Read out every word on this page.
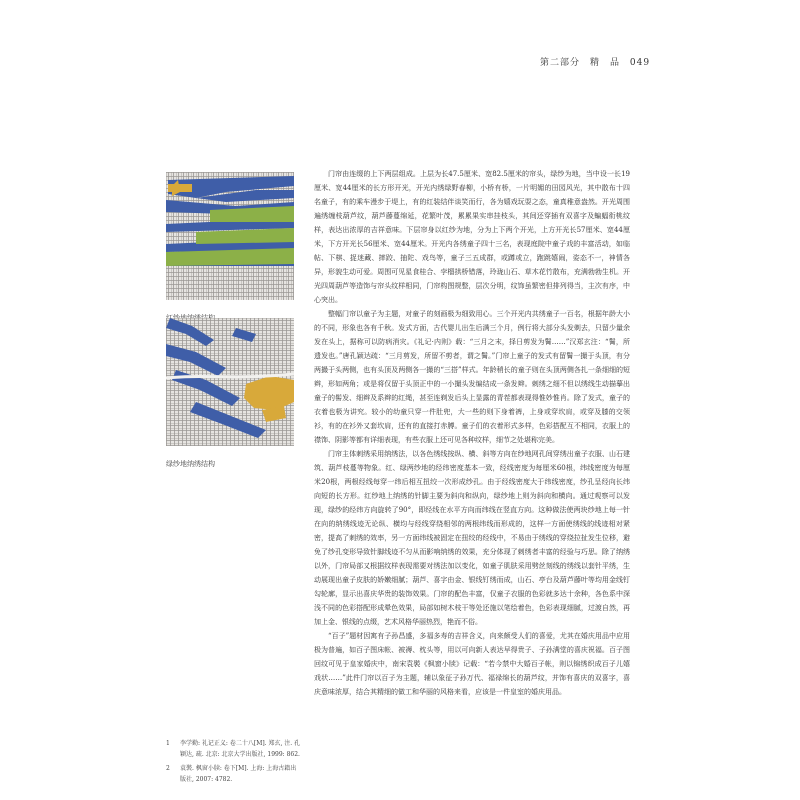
第二部分　精　品 049
绿纱地纳绣结构

门帘由连缀的上下两层组成。上层为长47.5厘米、宽82.5厘米的帘头，绿纱为地，当中设一长19厘米、宽44厘米的长方形开光，开光内绣绿野春柳，小桥有桥，一片明媚的田园风光，其中散布十四名童子，有的乘车漫步于堤上，有的红装结伴谈笑而行，各为嬉戏玩耍之态，童真稚意盎然。开光周围遍绣缠枝葫芦纹，葫芦藤蔓绵延，花繁叶茂，累累果实串挂枝头，其间还穿插有双喜字及蝙蝠衔桃纹样，表达出浓厚的吉祥意味。下层帘身以红纱为地，分为上下两个开光，上方开光长57厘米、宽44厘米，下方开光长56厘米、宽44厘米。开光内各绣童子四十三名，表现庭院中童子戏的丰富活动，如临帖、下棋、捉迷藏、摔跤、抽陀、戏鸟等，童子三五成群，或蹲或立，跑跳嬉闹，姿态不一，神情各异，形貌生动可爱。周围可见星食桂合、孛榴拱桥错落，玲珑山石、草木花竹散布，充满勃勃生机。开光四周葫芦等造饰与帘头纹样相同，门帘构图规整，层次分明，纹饰虽繁密但排列得当，主次有序，中心突出。

整幅门帘以童子为主题，对童子的刻画极为细致用心。三个开光内共绣童子一百名，根据年龄大小的不同，形象也各有千秋。发式方面，古代婴儿出生后满三个月，例行将大部分头发剃去，只留少量余发在头上，据称可以防病消灾。《礼记·内则》载：“三月之末，择日剪发为鬌……”汉郑玄注：“鬌，所遗发也。”唐孔颖达疏：“三月剪发，所留不剪者，谓之鬌。”门帘上童子的发式有留鬌一撮于头顶，有分两撮于头两侧，也有头顶及两侧各一撮的“三搭”样式。年龄稍长的童子则在头顶两侧各扎一条细细的短辫，形如两角；或是将仅留于头顶正中的一小撮头发编结成一条发辫。刺绣之细不但以绣线生动描摹出童子的髻发、细辫及系辫的红绳，甚至连剃发后头上显露的青茬都表现得惟妙惟肖。除了发式，童子的衣着也极为讲究。较小的幼童只穿一件肚兜，大一些的则下身着裤，上身或穿坎肩，或穿及膝的交领衫，有的在衫外又套坎肩，还有的直接打赤膊。童子们的衣着形式多样，色彩搭配互不相同，衣服上的襟饰、阴影等都有详细表现，有些衣服上还可见各种纹样，细节之处堪称完美。

门帘主体刺绣采用纳绣法，以各色绣线按纵、横、斜等方向在纱地网孔间穿绣出童子衣服、山石建筑、葫芦枝蔓等物象。红、绿两纱地的经纬密度基本一致，经线密度为每厘米60根，纬线密度为每厘米20根，两根经线每穿一纬后相互扭绞一次形成纱孔。由于经线密度大于纬线密度，纱孔呈经向长纬向短的长方形。红纱地上纳绣的针脚主要为斜向和纵向，绿纱地上则为斜向和横向。通过观察可以发现，绿纱的经纬方向旋转了90°，即经线在水平方向而纬线在竖直方向。这种做法使两块纱地上每一针在向的纳绣线迹无论纵、横均与经线穿绕相邻的两根纬线而形成的，这样一方面使绣线的线迹相对紧密，提高了刺绣的效率，另一方面纬线被固定在扭绞的经线中，不易由于绣线的穿绕拉扯发生位移，避免了纱孔变形导致针脚线迹不匀从而影响纳绣的效果，充分体现了刺绣者丰富的经验与巧思。除了纳绣以外，门帘局部又根据纹样表现需要对绣法加以变化，如童子肌肤采用劈丝刻线的绣线以套针平绣，生动展现出童子皮肤的娇嫩细腻；葫芦、喜字由金、银线钉绣而成，山石、亭台及葫芦藤叶等均用金线钉勾轮廓，显示出喜庆华贵的装饰效果。门帘的配色丰富，仅童子衣服的色彩就多达十余种，各色系中深浅不同的色彩搭配形成晕色效果，局部如树木枝干等处还施以笔绘着色，色彩表现细腻，过渡自然，再加上金、银线的点缀，艺术风格华丽热烈，艳而不俗。

“百子”题材因寓有子孙昌盛，多福多寿的吉祥含义，向来颇受人们的喜爱，尤其在婚庆用品中应用极为普遍，如百子图床帐、被褥、枕头等，用以可向新人表达早得贵子、子孙满堂的喜庆祝福。百子图回纹可见于皇家婚庆中，南宋袁褧《枫窗小牍》记载：“若今禁中大婚百子帐，则以锦绣织成百子儿嬉戏状……”此件门帘以百子为主题，辅以象征子孙万代、福禄绵长的葫芦纹，并饰有喜庆的双喜字，喜庆意味浓厚，结合其精细的做工和华丽的风格来看，应该是一件皇室的婚庆用品。

1	李学勤: 礼记正义: 卷二十八[M]. 郑玄, 注. 孔颖达, 疏. 北京: 北京大学出版社, 1999: 862.
2	袁褧. 枫窗小牍: 卷下[M]. 上海: 上海古籍出版社, 2007: 4782.
